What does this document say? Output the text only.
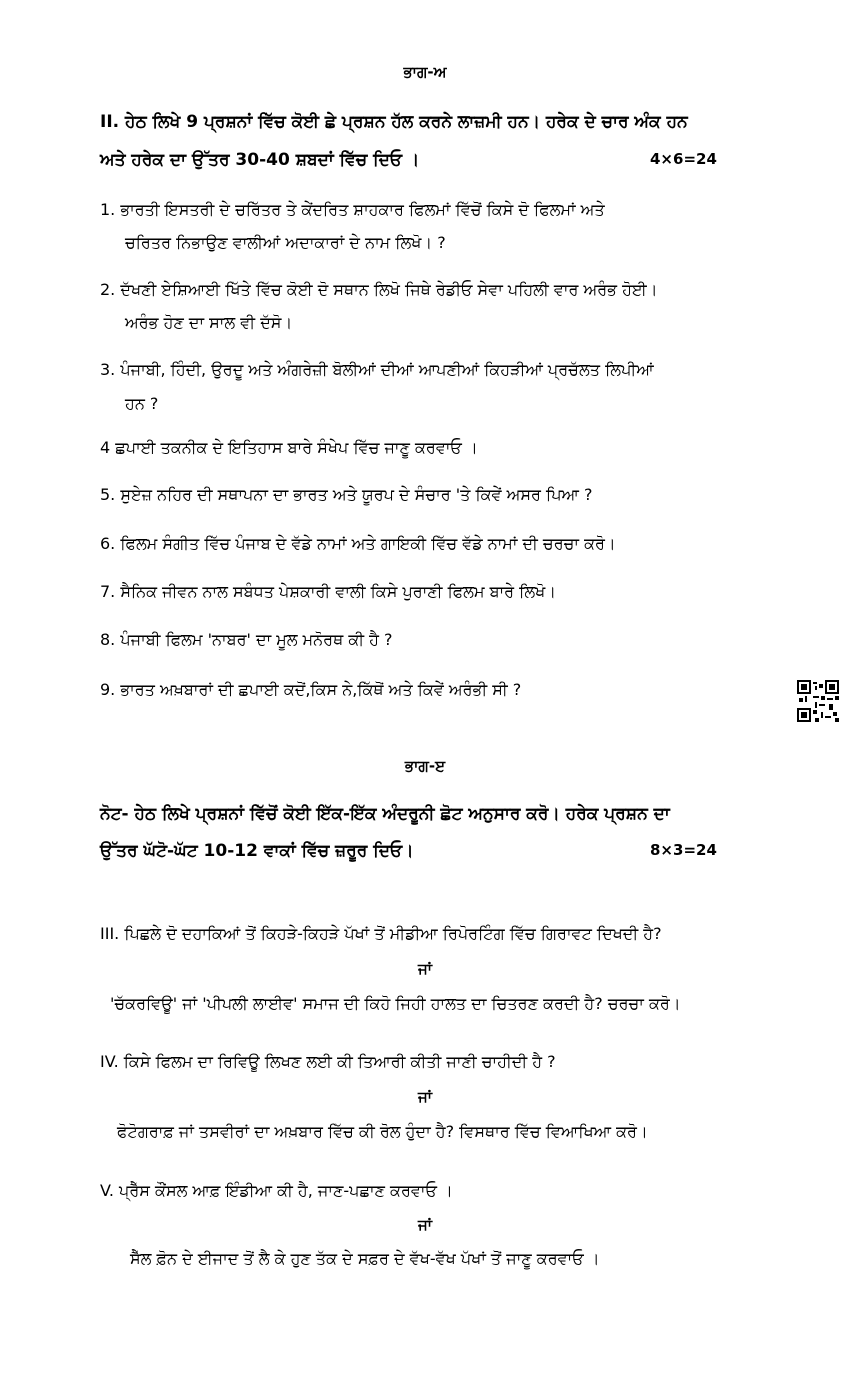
ਭਾਗ-ਅ
II. ਹੇਠ ਲਿਖੇ 9 ਪ੍ਰਸ਼ਨਾਂ ਵਿੱਚ ਕੋਈ ਛੇ ਪ੍ਰਸ਼ਨ ਹੱਲ ਕਰਨੇ ਲਾਜ਼ਮੀ ਹਨ। ਹਰੇਕ ਦੇ ਚਾਰ ਅੰਕ ਹਨ
ਅਤੇ ਹਰੇਕ ਦਾ ਉੱਤਰ 30-40 ਸ਼ਬਦਾਂ ਵਿੱਚ ਦਿਓ ।	4×6=24
1. ਭਾਰਤੀ ਇਸਤਰੀ ਦੇ ਚਰਿੱਤਰ ਤੇ ਕੇਂਦਰਿਤ ਸ਼ਾਹਕਾਰ ਫਿਲਮਾਂ ਵਿੱਚੋਂ ਕਿਸੇ ਦੋ ਫਿਲਮਾਂ ਅਤੇ
ਚਰਿਤਰ ਨਿਭਾਉਣ ਵਾਲੀਆਂ ਅਦਾਕਾਰਾਂ ਦੇ ਨਾਮ ਲਿਖੋ। ?
2. ਦੱਖਣੀ ਏਸ਼ਿਆਈ ਖਿੱਤੇ ਵਿੱਚ ਕੋਈ ਦੋ ਸਥਾਨ ਲਿਖੋ ਜਿਥੇ ਰੇਡੀਓ ਸੇਵਾ ਪਹਿਲੀ ਵਾਰ ਅਰੰਭ ਹੋਈ।
ਅਰੰਭ ਹੋਣ ਦਾ ਸਾਲ ਵੀ ਦੱਸੋ।
3. ਪੰਜਾਬੀ, ਹਿੰਦੀ, ਉਰਦੂ ਅਤੇ ਅੰਗਰੇਜ਼ੀ ਬੋਲੀਆਂ ਦੀਆਂ ਆਪਣੀਆਂ ਕਿਹੜੀਆਂ ਪ੍ਰਚੱਲਤ ਲਿਪੀਆਂ
ਹਨ ?
4 ਛਪਾਈ ਤਕਨੀਕ ਦੇ ਇਤਿਹਾਸ ਬਾਰੇ ਸੰਖੇਪ ਵਿੱਚ ਜਾਣੂ ਕਰਵਾਓ ।
5. ਸੁਏਜ਼ ਨਹਿਰ ਦੀ ਸਥਾਪਨਾ ਦਾ ਭਾਰਤ ਅਤੇ ਯੂਰਪ ਦੇ ਸੰਚਾਰ 'ਤੇ ਕਿਵੇਂ ਅਸਰ ਪਿਆ ?
6. ਫਿਲਮ ਸੰਗੀਤ ਵਿੱਚ ਪੰਜਾਬ ਦੇ ਵੱਡੇ ਨਾਮਾਂ ਅਤੇ ਗਾਇਕੀ ਵਿੱਚ ਵੱਡੇ ਨਾਮਾਂ ਦੀ ਚਰਚਾ ਕਰੋ।
7. ਸੈਨਿਕ ਜੀਵਨ ਨਾਲ ਸਬੰਧਤ ਪੇਸ਼ਕਾਰੀ ਵਾਲੀ ਕਿਸੇ ਪੁਰਾਣੀ ਫਿਲਮ ਬਾਰੇ ਲਿਖੋ।
8. ਪੰਜਾਬੀ ਫਿਲਮ 'ਨਾਬਰ' ਦਾ ਮੂਲ ਮਨੋਰਥ ਕੀ ਹੈ ?
9. ਭਾਰਤ ਅਖ਼ਬਾਰਾਂ ਦੀ ਛਪਾਈ ਕਦੋਂ,ਕਿਸ ਨੇ,ਕਿੱਥੋਂ ਅਤੇ ਕਿਵੇਂ ਅਰੰਭੀ ਸੀ ?
ਭਾਗ-ੲ
ਨੋਟ- ਹੇਠ ਲਿਖੇ ਪ੍ਰਸ਼ਨਾਂ ਵਿੱਚੋਂ ਕੋਈ ਇੱਕ-ਇੱਕ ਅੰਦਰੂਨੀ ਛੋਟ ਅਨੁਸਾਰ ਕਰੋ। ਹਰੇਕ ਪ੍ਰਸ਼ਨ ਦਾ
ਉੱਤਰ ਘੱਟੋ-ਘੱਟ 10-12 ਵਾਕਾਂ ਵਿੱਚ ਜ਼ਰੂਰ ਦਿਓ।	8×3=24
III. ਪਿਛਲੇ ਦੋ ਦਹਾਕਿਆਂ ਤੋਂ ਕਿਹੜੇ-ਕਿਹੜੇ ਪੱਖਾਂ ਤੋਂ ਮੀਡੀਆ ਰਿਪੋਰਟਿੰਗ ਵਿੱਚ ਗਿਰਾਵਟ ਦਿਖਦੀ ਹੈ?
ਜਾਂ
'ਚੱਕਰਵਿਊ' ਜਾਂ 'ਪੀਪਲੀ ਲਾਈਵ' ਸਮਾਜ ਦੀ ਕਿਹੋ ਜਿਹੀ ਹਾਲਤ ਦਾ ਚਿਤਰਣ ਕਰਦੀ ਹੈ? ਚਰਚਾ ਕਰੋ।
IV. ਕਿਸੇ ਫਿਲਮ ਦਾ ਰਿਵਿਊ ਲਿਖਣ ਲਈ ਕੀ ਤਿਆਰੀ ਕੀਤੀ ਜਾਣੀ ਚਾਹੀਦੀ ਹੈ ?
ਜਾਂ
ਫੋਟੋਗਰਾਫ਼ ਜਾਂ ਤਸਵੀਰਾਂ ਦਾ ਅਖ਼ਬਾਰ ਵਿੱਚ ਕੀ ਰੋਲ ਹੁੰਦਾ ਹੈ? ਵਿਸਥਾਰ ਵਿੱਚ ਵਿਆਖਿਆ ਕਰੋ।
V. ਪ੍ਰੈੱਸ ਕੌਂਸਲ ਆਫ਼ ਇੰਡੀਆ ਕੀ ਹੈ, ਜਾਣ-ਪਛਾਣ ਕਰਵਾਓ ।
ਜਾਂ
ਸੈੱਲ ਫ਼ੋਨ ਦੇ ਈਜਾਦ ਤੋਂ ਲੈ ਕੇ ਹੁਣ ਤੱਕ ਦੇ ਸਫ਼ਰ ਦੇ ਵੱਖ-ਵੱਖ ਪੱਖਾਂ ਤੋਂ ਜਾਣੂ ਕਰਵਾਓ ।
